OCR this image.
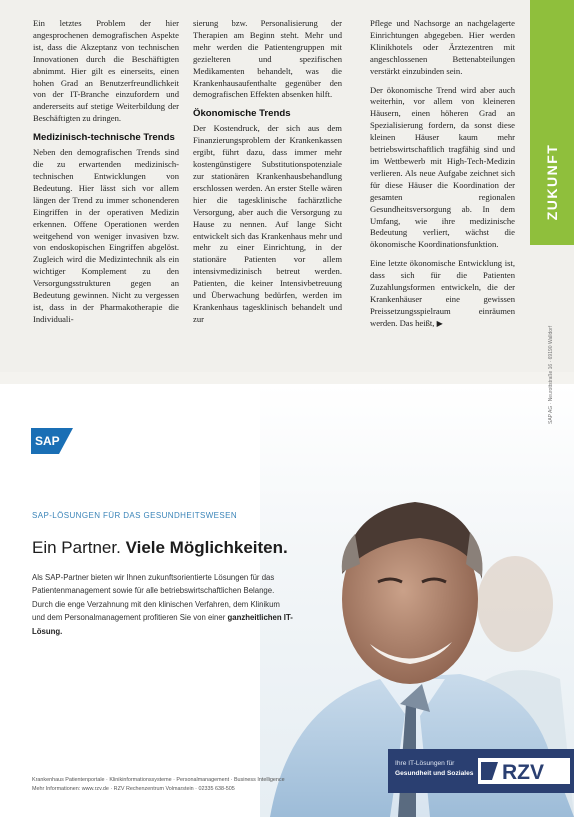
Ein letztes Problem der hier angesprochenen demografischen Aspekte ist, dass die Akzeptanz von technischen Innovationen durch die Beschäftigten abnimmt. Hier gilt es einerseits, einen hohen Grad an Benutzerfreundlichkeit von der IT-Branche einzufordern und andererseits auf stetige Weiterbildung der Beschäftigten zu dringen.

Medizinisch-technische Trends

Neben den demografischen Trends sind die zu erwartenden medizinisch-technischen Entwicklungen von Bedeutung. Hier lässt sich vor allem längen der Trend zu immer schonenderen Eingriffen in der operativen Medizin erkennen. Offene Operationen werden weitgehend von weniger invasiven bzw. von endoskopischen Eingriffen abgelöst. Zugleich wird die Medizintechnik als ein wichtiger Komplement zu den Versorgungsstrukturen gegen an Bedeutung gewinnen. Nicht zu vergessen ist, dass in der Pharmakotherapie die Individuali-

sierung bzw. Personalisierung der Therapien am Beginn steht. Mehr und mehr werden die Patientengruppen mit gezielteren und spezifischen Medikamenten behandelt, was die Krankenhausaufenthalte gegenüber den demografischen Effekten absenken hilft.

Ökonomische Trends

Der Kostendruck, der sich aus dem Finanzierungsproblem der Krankenkassen ergibt, führt dazu, dass immer mehr kostengünstigere Substitutionspotenziale zur stationären Krankenhausbehandlung erschlossen werden. An erster Stelle wären hier die tagesklinische fachärztliche Versorgung, aber auch die Versorgung zu Hause zu nennen. Auf lange Sicht entwickelt sich das Krankenhaus mehr und mehr zu einer Einrichtung, in der stationäre Patienten vor allem intensivmedizinisch betreut werden. Patienten, die keiner Intensivbetreuung und Überwachung bedürfen, werden im Krankenhaus tagesklinisch behandelt und zur

Pflege und Nachsorge an nachgelagerte Einrichtungen abgegeben. Hier werden Klinikhotels oder Ärztezentren mit angeschlossenen Bettenabteilungen verstärkt einzubinden sein.

Der ökonomische Trend wird aber auch weiterhin, vor allem von kleineren Häusern, einen höheren Grad an Spezialisierung fordern, da sonst diese kleinen Häuser kaum mehr betriebswirtschaftlich tragfähig sind und im Wettbewerb mit High-Tech-Medizin verlieren. Als neue Aufgabe zeichnet sich für diese Häuser die Koordination der gesamten regionalen Gesundheitsversorgung ab. In dem Umfang, wie ihre medizinische Bedeutung verliert, wächst die ökonomische Koordinationsfunktion.

Eine letzte ökonomische Entwicklung ist, dass sich für die Patienten Zuzahlungsformen entwickeln, die der Krankenhäuser eine gewissen Preissetzungsspielraum einräumen werden. Das heißt, ▶

ZUKUNFT
SAP
SAP AG · Neurottstraße 16 · 69190 Walldorf
SAP-LÖSUNGEN FÜR DAS GESUNDHEITSWESEN
Ein Partner. Viele Möglichkeiten.
Als SAP-Partner bieten wir Ihnen zukunftsorientierte Lösungen für das Patientenmanagement sowie für alle betriebswirtschaftlichen Belange. Durch die enge Verzahnung mit den klinischen Verfahren, dem Klinikum und dem Personalmanagement profitieren Sie von einer ganzheitlichen IT-Lösung.
Krankenhaus Patientenportale · Klinikinformationssysteme · Personalmanagement · Business Intelligence
Mehr Informationen: www.rzv.de · RZV Rechenzentrum Volmarstein · 02335 638-505
Ihre IT-Lösungen für
Gesundheit und Soziales RZV
